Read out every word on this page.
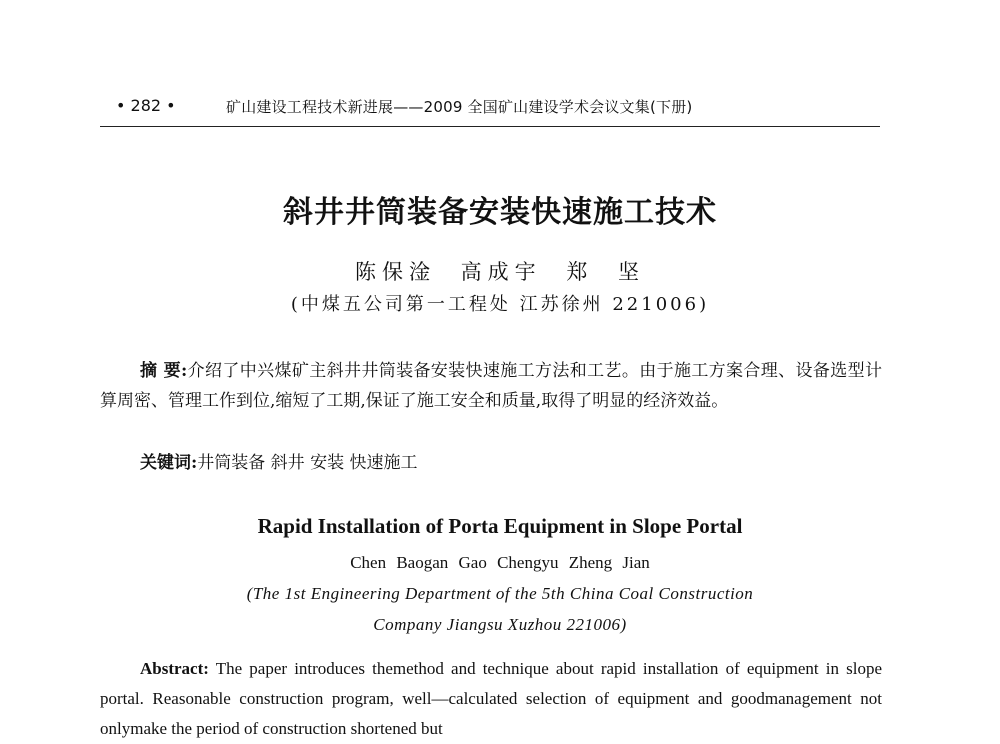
• 282 •	矿山建设工程技术新进展——2009 全国矿山建设学术会议文集(下册)
斜井井筒装备安装快速施工技术
陈保淦 高成宇 郑 坚
(中煤五公司第一工程处 江苏徐州 221006)
摘 要:介绍了中兴煤矿主斜井井筒装备安装快速施工方法和工艺。由于施工方案合理、设备选型计算周密、管理工作到位,缩短了工期,保证了施工安全和质量,取得了明显的经济效益。
关键词:井筒装备 斜井 安装 快速施工
Rapid Installation of Porta Equipment in Slope Portal
Chen Baogan Gao Chengyu Zheng Jian
(The 1st Engineering Department of the 5th China Coal Construction
Company Jiangsu Xuzhou 221006)
Abstract: The paper introduces themethod and technique about rapid installation of equipment in slope portal. Reasonable construction program, well—calculated selection of equipment and goodmanagement not onlymake the period of construction shortened but
